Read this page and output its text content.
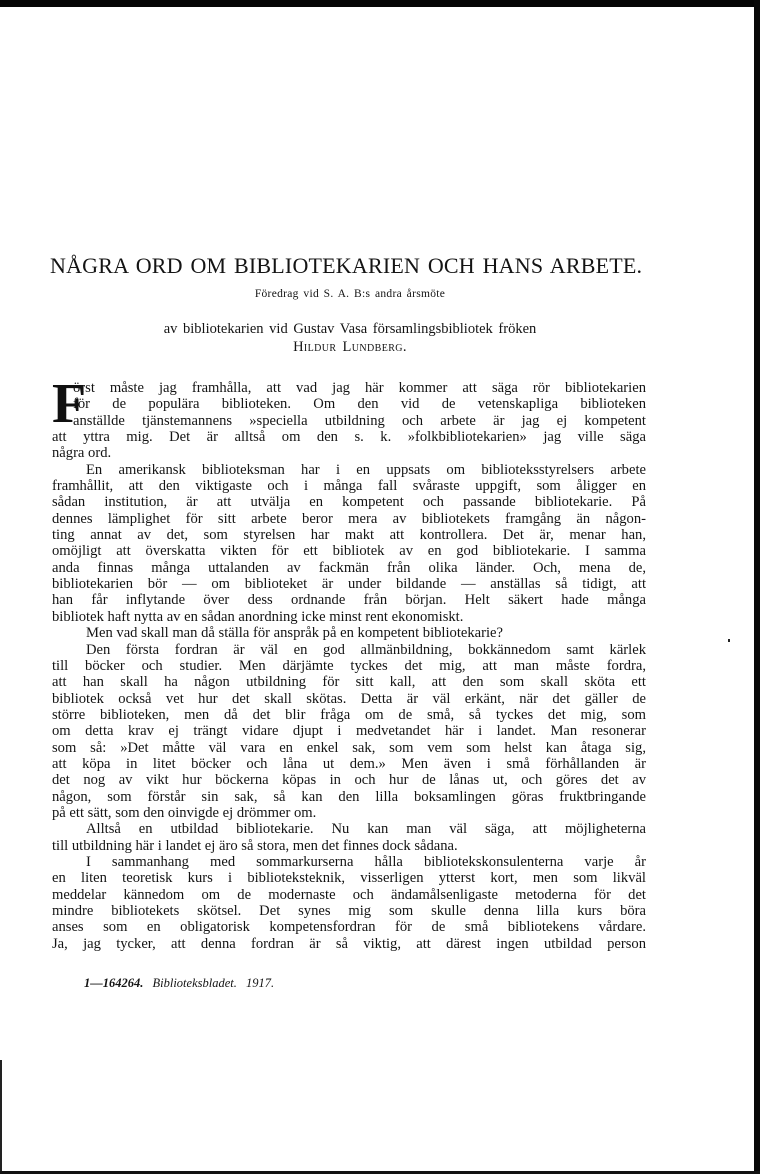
NÅGRA ORD OM BIBLIOTEKARIEN OCH HANS ARBETE.
Föredrag vid S. A. B:s andra årsmöte
av bibliotekarien vid Gustav Vasa församlingsbibliotek fröken
Hildur Lundberg.
F
örst måste jag framhålla, att vad jag här kommer att säga rör bibliotekarien
för de populära biblioteken. Om den vid de vetenskapliga biblioteken
anställde tjänstemannens »speciella utbildning och arbete är jag ej kompetent
att yttra mig. Det är alltså om den s. k. »folkbibliotekarien» jag ville säga
några ord.
En amerikansk biblioteksman har i en uppsats om biblioteksstyrelsers arbete
framhållit, att den viktigaste och i många fall svåraste uppgift, som åligger en
sådan institution, är att utvälja en kompetent och passande bibliotekarie. På
dennes lämplighet för sitt arbete beror mera av bibliotekets framgång än någon-
ting annat av det, som styrelsen har makt att kontrollera. Det är, menar han,
omöjligt att överskatta vikten för ett bibliotek av en god bibliotekarie. I samma
anda finnas många uttalanden av fackmän från olika länder. Och, mena de,
bibliotekarien bör — om biblioteket är under bildande — anställas så tidigt, att
han får inflytande över dess ordnande från början. Helt säkert hade många
bibliotek haft nytta av en sådan anordning icke minst rent ekonomiskt.
Men vad skall man då ställa för anspråk på en kompetent bibliotekarie?
Den första fordran är väl en god allmänbildning, bokkännedom samt kärlek
till böcker och studier. Men därjämte tyckes det mig, att man måste fordra,
att han skall ha någon utbildning för sitt kall, att den som skall sköta ett
bibliotek också vet hur det skall skötas. Detta är väl erkänt, när det gäller de
större biblioteken, men då det blir fråga om de små, så tyckes det mig, som
om detta krav ej trängt vidare djupt i medvetandet här i landet. Man resonerar
som så: »Det måtte väl vara en enkel sak, som vem som helst kan åtaga sig,
att köpa in litet böcker och låna ut dem.» Men även i små förhållanden är
det nog av vikt hur böckerna köpas in och hur de lånas ut, och göres det av
någon, som förstår sin sak, så kan den lilla boksamlingen göras fruktbringande
på ett sätt, som den oinvigde ej drömmer om.
Alltså en utbildad bibliotekarie. Nu kan man väl säga, att möjligheterna
till utbildning här i landet ej äro så stora, men det finnes dock sådana.
I sammanhang med sommarkurserna hålla bibliotekskonsulenterna varje år
en liten teoretisk kurs i biblioteksteknik, visserligen ytterst kort, men som likväl
meddelar kännedom om de modernaste och ändamålsenligaste metoderna för det
mindre bibliotekets skötsel. Det synes mig som skulle denna lilla kurs böra
anses som en obligatorisk kompetensfordran för de små bibliotekens vårdare.
Ja, jag tycker, att denna fordran är så viktig, att därest ingen utbildad person
1—164264. Biblioteksbladet. 1917.
